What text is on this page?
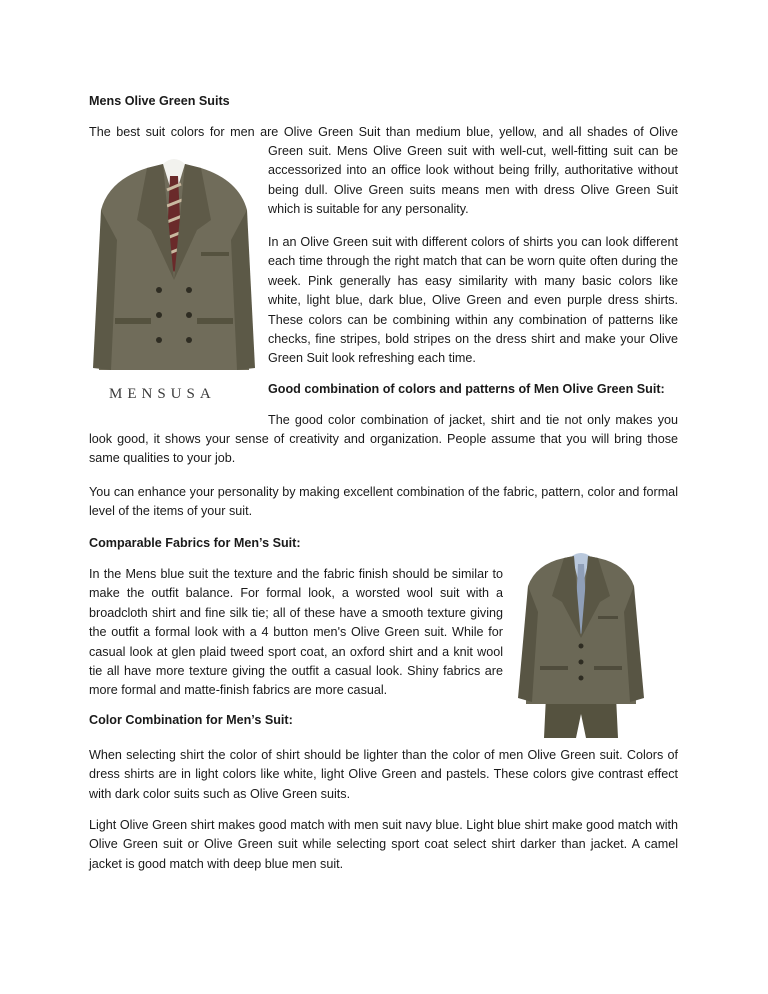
Mens Olive Green Suits

The best suit colors for men are Olive Green Suit than medium blue, yellow, and all shades of Olive

Green suit. Mens Olive Green suit with well-cut, well-fitting suit can be accessorized into an office look without being frilly, authoritative without being dull. Olive Green suits means men with dress Olive Green Suit which is suitable for any personality.

MENSUSA

In an Olive Green suit with different colors of shirts you can look different each time through the right match that can be worn quite often during the week. Pink generally has easy similarity with many basic colors like white, light blue, dark blue, Olive Green and even purple dress shirts. These colors can be combining within any combination of patterns like checks, fine stripes, bold stripes on the dress shirt and make your Olive Green Suit look refreshing each time.

Good combination of colors and patterns of Men Olive Green Suit:

The good color combination of jacket, shirt and tie not only makes you

look good, it shows your sense of creativity and organization. People assume that you will bring those same qualities to your job.

You can enhance your personality by making excellent combination of the fabric, pattern, color and formal level of the items of your suit.

Comparable Fabrics for Men’s Suit:

In the Mens blue suit the texture and the fabric finish should be similar to make the outfit balance. For formal look, a worsted wool suit with a broadcloth shirt and fine silk tie; all of these have a smooth texture giving the outfit a formal look with a 4 button men's Olive Green suit. While for casual look at glen plaid tweed sport coat, an oxford shirt and a knit wool tie all have more texture giving the outfit a casual look. Shiny fabrics are more formal and matte-finish fabrics are more casual.

Color Combination for Men’s Suit:

When selecting shirt the color of shirt should be lighter than the color of men Olive Green suit. Colors of dress shirts are in light colors like white, light Olive Green and pastels. These colors give contrast effect with dark color suits such as Olive Green suits.

Light Olive Green shirt makes good match with men suit navy blue. Light blue shirt make good match with Olive Green suit or Olive Green suit while selecting sport coat select shirt darker than jacket. A camel jacket is good match with deep blue men suit.
